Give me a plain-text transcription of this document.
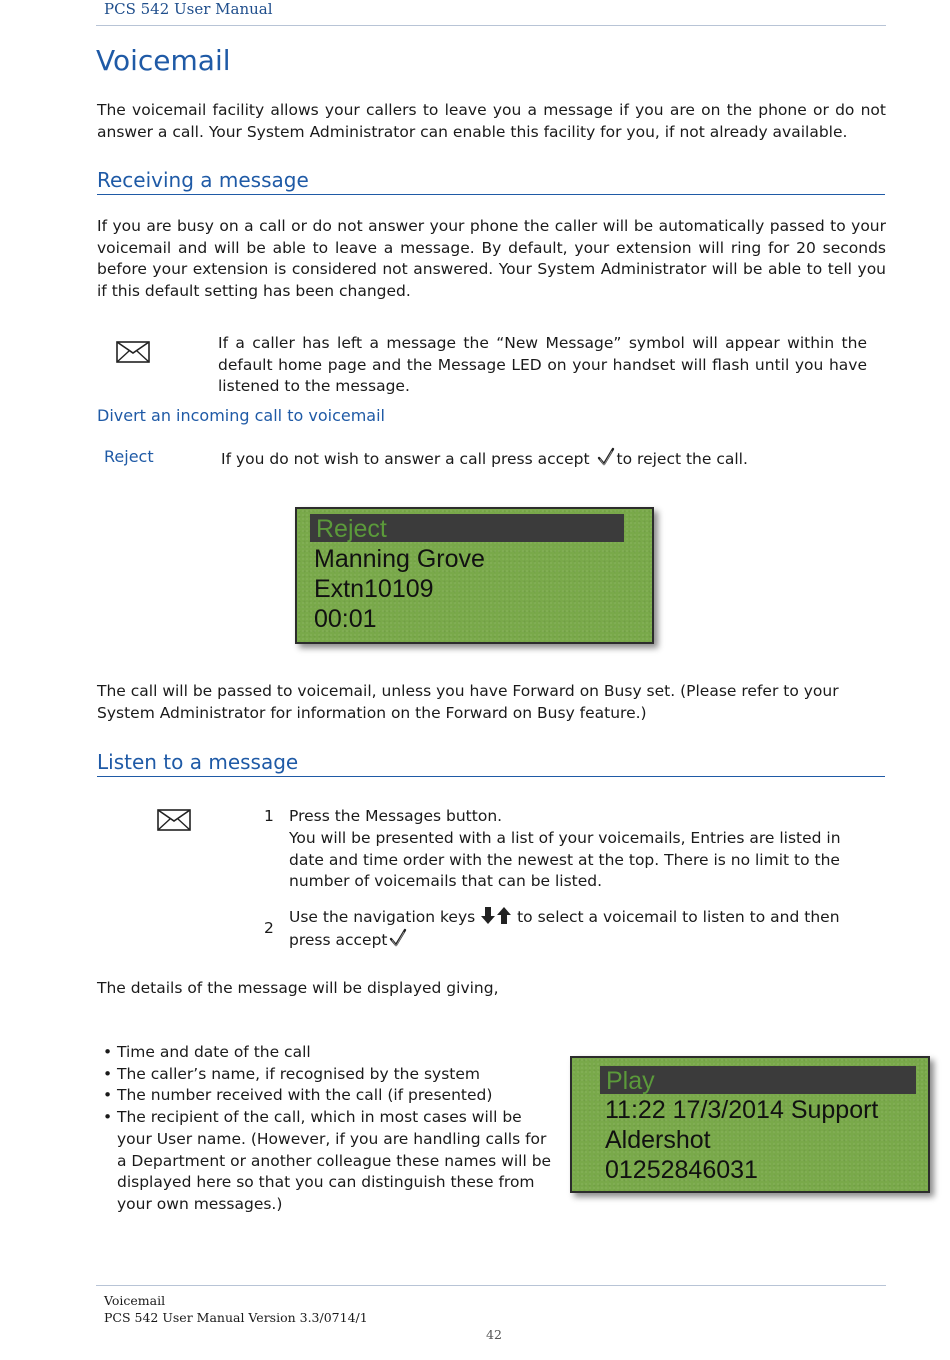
PCS 542 User Manual
Voicemail

The voicemail facility allows your callers to leave you a message if you are on the phone or do not answer a call. Your System Administrator can enable this facility for you, if not already available.

Receiving a message

If you are busy on a call or do not answer your phone the caller will be automatically passed to your voicemail and will be able to leave a message. By default, your extension will ring for 20 seconds before your extension is considered not answered. Your System Administrator will be able to tell you if this default setting has been changed.

If a caller has left a message the “New Message” symbol will appear within the default home page and the Message LED on your handset will flash until you have listened to the message.

Divert an incoming call to voicemail
Reject	If you do not wish to answer a call press accept to reject the call.
Reject
Manning Grove
Extn10109
00:01

The call will be passed to voicemail, unless you have Forward on Busy set. (Please refer to your System Administrator for information on the Forward on Busy feature.)

Listen to a message
1 Press the Messages button.

You will be presented with a list of your voicemails, Entries are listed in date and time order with the newest at the top. There is no limit to the number of voicemails that can be listed.

2
Use the navigation keys	to select a voicemail to listen to and then
press accept
The details of the message will be displayed giving,
• Time and date of the call
• The caller’s name, if recognised by the system
• The number received with the call (if presented)
• The recipient of the call, which in most cases will be your User name. (However, if you are handling calls for a Department or another colleague these names will be displayed here so that you can distinguish these from your own messages.)
Play
11:22 17/3/2014 Support
Aldershot
01252846031
Voicemail
PCS 542 User Manual Version 3.3/0714/1
42
